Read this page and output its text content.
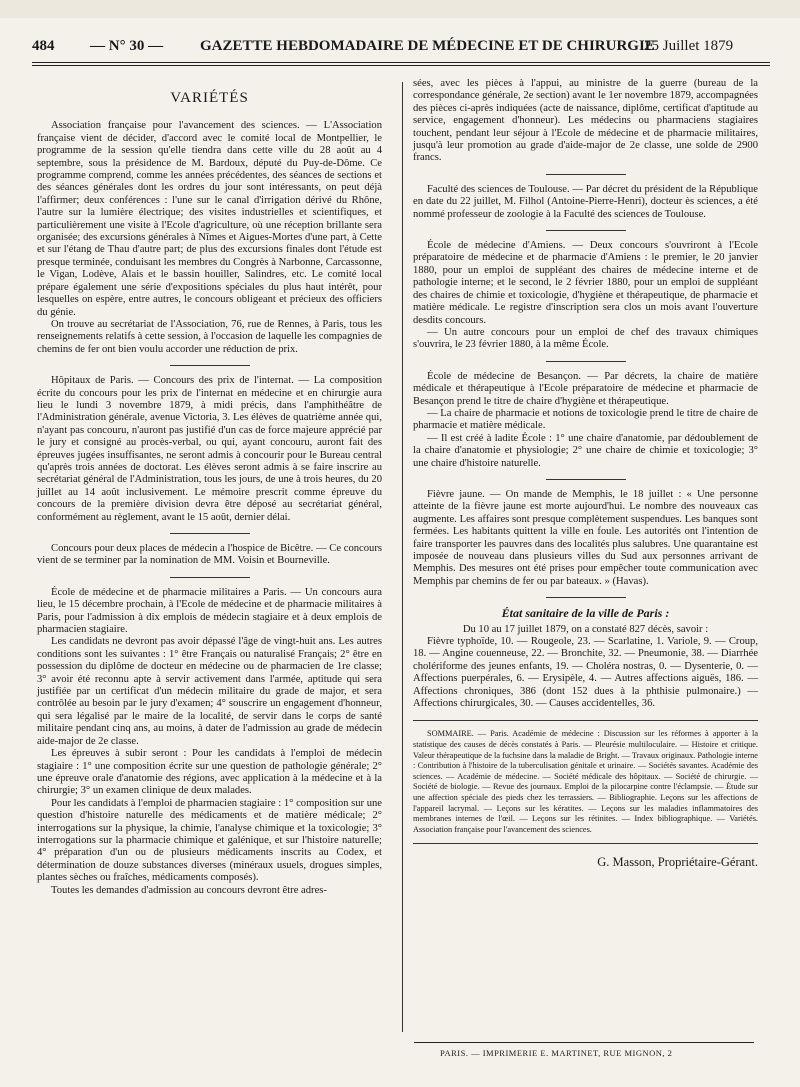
484 — N° 30 — GAZETTE HEBDOMADAIRE DE MÉDECINE ET DE CHIRURGIE
25 Juillet 1879
VARIÉTÉS

Association française pour l'avancement des sciences. — L'Association française vient de décider, d'accord avec le comité local de Montpellier, le programme de la session qu'elle tiendra dans cette ville du 28 août au 4 septembre, sous la présidence de M. Bardoux, député du Puy-de-Dôme. Ce programme comprend, comme les années précédentes, des séances de sections et des séances générales dont les ordres du jour sont intéressants, on peut déjà l'affirmer; deux conférences : l'une sur le canal d'irrigation dérivé du Rhône, l'autre sur la lumière électrique; des visites industrielles et scientifiques, et particulièrement une visite à l'Ecole d'agriculture, où une réception brillante sera organisée; des excursions générales à Nîmes et Aigues-Mortes d'une part, à Cette et sur l'étang de Thau d'autre part; de plus des excursions finales dont l'étude est presque terminée, conduisant les membres du Congrès à Narbonne, Carcassonne, le Vigan, Lodève, Alais et le bassin houiller, Salindres, etc. Le comité local prépare également une série d'expositions spéciales du plus haut intérêt, pour lesquelles on espère, entre autres, le concours obligeant et précieux des officiers du génie.

On trouve au secrétariat de l'Association, 76, rue de Rennes, à Paris, tous les renseignements relatifs à cette session, à l'occasion de laquelle les compagnies de chemins de fer ont bien voulu accorder une réduction de prix.

Hôpitaux de Paris. — Concours des prix de l'internat. — La composition écrite du concours pour les prix de l'internat en médecine et en chirurgie aura lieu le lundi 3 novembre 1879, à midi précis, dans l'amphithéâtre de l'Administration générale, avenue Victoria, 3. Les élèves de quatrième année qui, n'ayant pas concouru, n'auront pas justifié d'un cas de force majeure apprécié par le jury et consigné au procès-verbal, ou qui, ayant concouru, auront fait des épreuves jugées insuffisantes, ne seront admis à concourir pour le Bureau central qu'après trois années de doctorat. Les élèves seront admis à se faire inscrire au secrétariat général de l'Administration, tous les jours, de une à trois heures, du 20 juillet au 14 août inclusivement. Le mémoire prescrit comme épreuve du concours de la première division devra être déposé au secrétariat général, conformément au règlement, avant le 15 août, dernier délai.

Concours pour deux places de médecin a l'hospice de Bicêtre. — Ce concours vient de se terminer par la nomination de MM. Voisin et Bourneville.

École de médecine et de pharmacie militaires a Paris. — Un concours aura lieu, le 15 décembre prochain, à l'Ecole de médecine et de pharmacie militaires à Paris, pour l'admission à dix emplois de médecin stagiaire et à deux emplois de pharmacien stagiaire.

Les candidats ne devront pas avoir dépassé l'âge de vingt-huit ans. Les autres conditions sont les suivantes : 1° être Français ou naturalisé Français; 2° être en possession du diplôme de docteur en médecine ou de pharmacien de 1re classe; 3° avoir été reconnu apte à servir activement dans l'armée, aptitude qui sera justifiée par un certificat d'un médecin militaire du grade de major, et sera contrôlée au besoin par le jury d'examen; 4° souscrire un engagement d'honneur, qui sera légalisé par le maire de la localité, de servir dans le corps de santé militaire pendant cinq ans, au moins, à dater de l'admission au grade de médecin aide-major de 2e classe.

Les épreuves à subir seront : Pour les candidats à l'emploi de médecin stagiaire : 1° une composition écrite sur une question de pathologie générale; 2° une épreuve orale d'anatomie des régions, avec application à la médecine et à la chirurgie; 3° un examen clinique de deux malades.

Pour les candidats à l'emploi de pharmacien stagiaire : 1° composition sur une question d'histoire naturelle des médicaments et de matière médicale; 2° interrogations sur la physique, la chimie, l'analyse chimique et la toxicologie; 3° interrogations sur la pharmacie chimique et galénique, et sur l'histoire naturelle; 4° préparation d'un ou de plusieurs médicaments inscrits au Codex, et détermination de douze substances diverses (minéraux usuels, drogues simples, plantes sèches ou fraîches, médicaments composés).

Toutes les demandes d'admission au concours devront être adres-

sées, avec les pièces à l'appui, au ministre de la guerre (bureau de la correspondance générale, 2e section) avant le 1er novembre 1879, accompagnées des pièces ci-après indiquées (acte de naissance, diplôme, certificat d'aptitude au service, engagement d'honneur). Les médecins ou pharmaciens stagiaires touchent, pendant leur séjour à l'Ecole de médecine et de pharmacie militaires, jusqu'à leur promotion au grade d'aide-major de 2e classe, une solde de 2900 francs.

Faculté des sciences de Toulouse. — Par décret du président de la République en date du 22 juillet, M. Filhol (Antoine-Pierre-Henri), docteur ès sciences, a été nommé professeur de zoologie à la Faculté des sciences de Toulouse.

École de médecine d'Amiens. — Deux concours s'ouvriront à l'Ecole préparatoire de médecine et de pharmacie d'Amiens : le premier, le 20 janvier 1880, pour un emploi de suppléant des chaires de médecine interne et de pathologie interne; et le second, le 2 février 1880, pour un emploi de suppléant des chaires de chimie et toxicologie, d'hygiène et thérapeutique, de pharmacie et matière médicale. Le registre d'inscription sera clos un mois avant l'ouverture desdits concours.

— Un autre concours pour un emploi de chef des travaux chimiques s'ouvrira, le 23 février 1880, à la même École.

École de médecine de Besançon. — Par décrets, la chaire de matière médicale et thérapeutique à l'Ecole préparatoire de médecine et pharmacie de Besançon prend le titre de chaire d'hygiène et thérapeutique.

— La chaire de pharmacie et notions de toxicologie prend le titre de chaire de pharmacie et matière médicale.

— Il est créé à ladite École : 1° une chaire d'anatomie, par dédoublement de la chaire d'anatomie et physiologie; 2° une chaire de chimie et toxicologie; 3° une chaire d'histoire naturelle.

Fièvre jaune. — On mande de Memphis, le 18 juillet : « Une personne atteinte de la fièvre jaune est morte aujourd'hui. Le nombre des nouveaux cas augmente. Les affaires sont presque complètement suspendues. Les banques sont fermées. Les habitants quittent la ville en foule. Les autorités ont l'intention de faire transporter les pauvres dans des localités plus salubres. Une quarantaine est imposée de nouveau dans plusieurs villes du Sud aux personnes arrivant de Memphis. Des mesures ont été prises pour empêcher toute communication avec Memphis par chemins de fer ou par bateaux. » (Havas).

État sanitaire de la ville de Paris :

Du 10 au 17 juillet 1879, on a constaté 827 décès, savoir :

Fièvre typhoïde, 10. — Rougeole, 23. — Scarlatine, 1. Variole, 9. — Croup, 18. — Angine couenneuse, 22. — Bronchite, 32. — Pneumonie, 38. — Diarrhée cholériforme des jeunes enfants, 19. — Choléra nostras, 0. — Dysenterie, 0. — Affections puerpérales, 6. — Erysipèle, 4. — Autres affections aiguës, 186. — Affections chroniques, 386 (dont 152 dues à la phthisie pulmonaire.) — Affections chirurgicales, 30. — Causes accidentelles, 36.

SOMMAIRE. — Paris. Académie de médecine : Discussion sur les réformes à apporter à la statistique des causes de décès constatés à Paris. — Pleurésie multiloculaire. — Histoire et critique. Valeur thérapeutique de la fuchsine dans la maladie de Bright. — Travaux originaux. Pathologie interne : Contribution à l'histoire de la tuberculisation génitale et urinaire. — Sociétés savantes. Académie des sciences. — Académie de médecine. — Société médicale des hôpitaux. — Société de chirurgie. — Société de biologie. — Revue des journaux. Emploi de la pilocarpine contre l'éclampsie. — Étude sur une affection spéciale des pieds chez les terrassiers. — Bibliographie. Leçons sur les affections de l'appareil lacrymal. — Leçons sur les kératites. — Leçons sur les maladies inflammatoires des membranes internes de l'œil. — Leçons sur les rétinites. — Index bibliographique. — Variétés. Association française pour l'avancement des sciences.

G. Masson, Propriétaire-Gérant.
PARIS. — IMPRIMERIE E. MARTINET, RUE MIGNON, 2
